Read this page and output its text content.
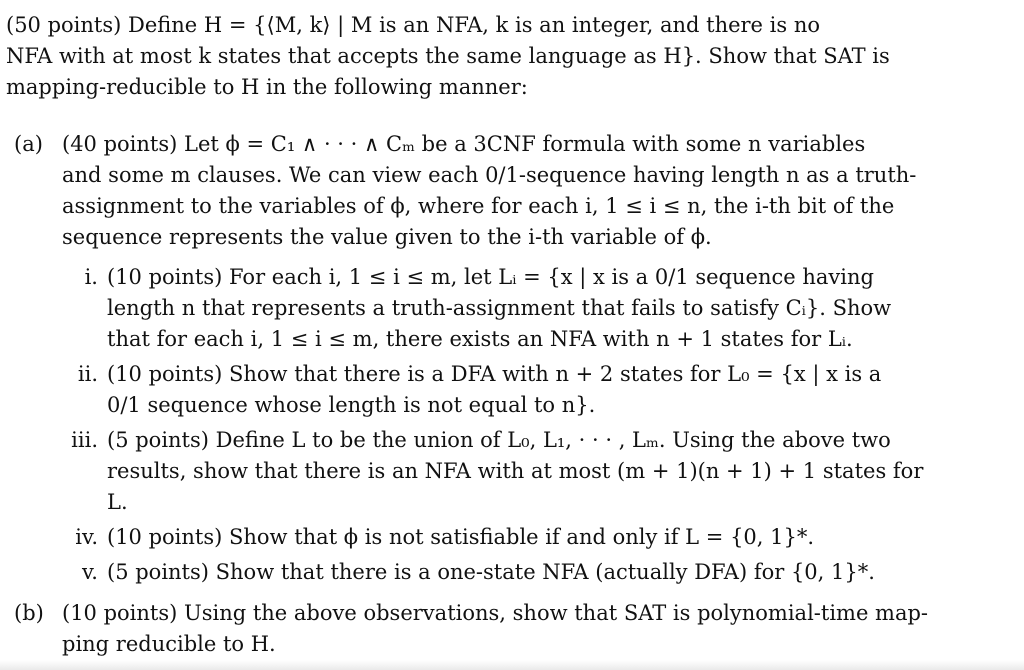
(50 points) Define H = {⟨M, k⟩ | M is an NFA, k is an integer, and there is no
NFA with at most k states that accepts the same language as H}. Show that SAT is
mapping-reducible to H in the following manner:
(a) (40 points) Let ϕ = C₁ ∧ · · · ∧ Cₘ be a 3CNF formula with some n variables
and some m clauses. We can view each 0/1-sequence having length n as a truth-
assignment to the variables of ϕ, where for each i, 1 ≤ i ≤ n, the i-th bit of the
sequence represents the value given to the i-th variable of ϕ.
i. (10 points) For each i, 1 ≤ i ≤ m, let Lᵢ = {x | x is a 0/1 sequence having
length n that represents a truth-assignment that fails to satisfy Cᵢ}. Show
that for each i, 1 ≤ i ≤ m, there exists an NFA with n + 1 states for Lᵢ.
ii. (10 points) Show that there is a DFA with n + 2 states for L₀ = {x | x is a
0/1 sequence whose length is not equal to n}.
iii. (5 points) Define L to be the union of L₀, L₁, · · · , Lₘ. Using the above two
results, show that there is an NFA with at most (m + 1)(n + 1) + 1 states for
L.
iv. (10 points) Show that ϕ is not satisfiable if and only if L = {0, 1}*.
v. (5 points) Show that there is a one-state NFA (actually DFA) for {0, 1}*.
(b) (10 points) Using the above observations, show that SAT is polynomial-time map-
ping reducible to H.
